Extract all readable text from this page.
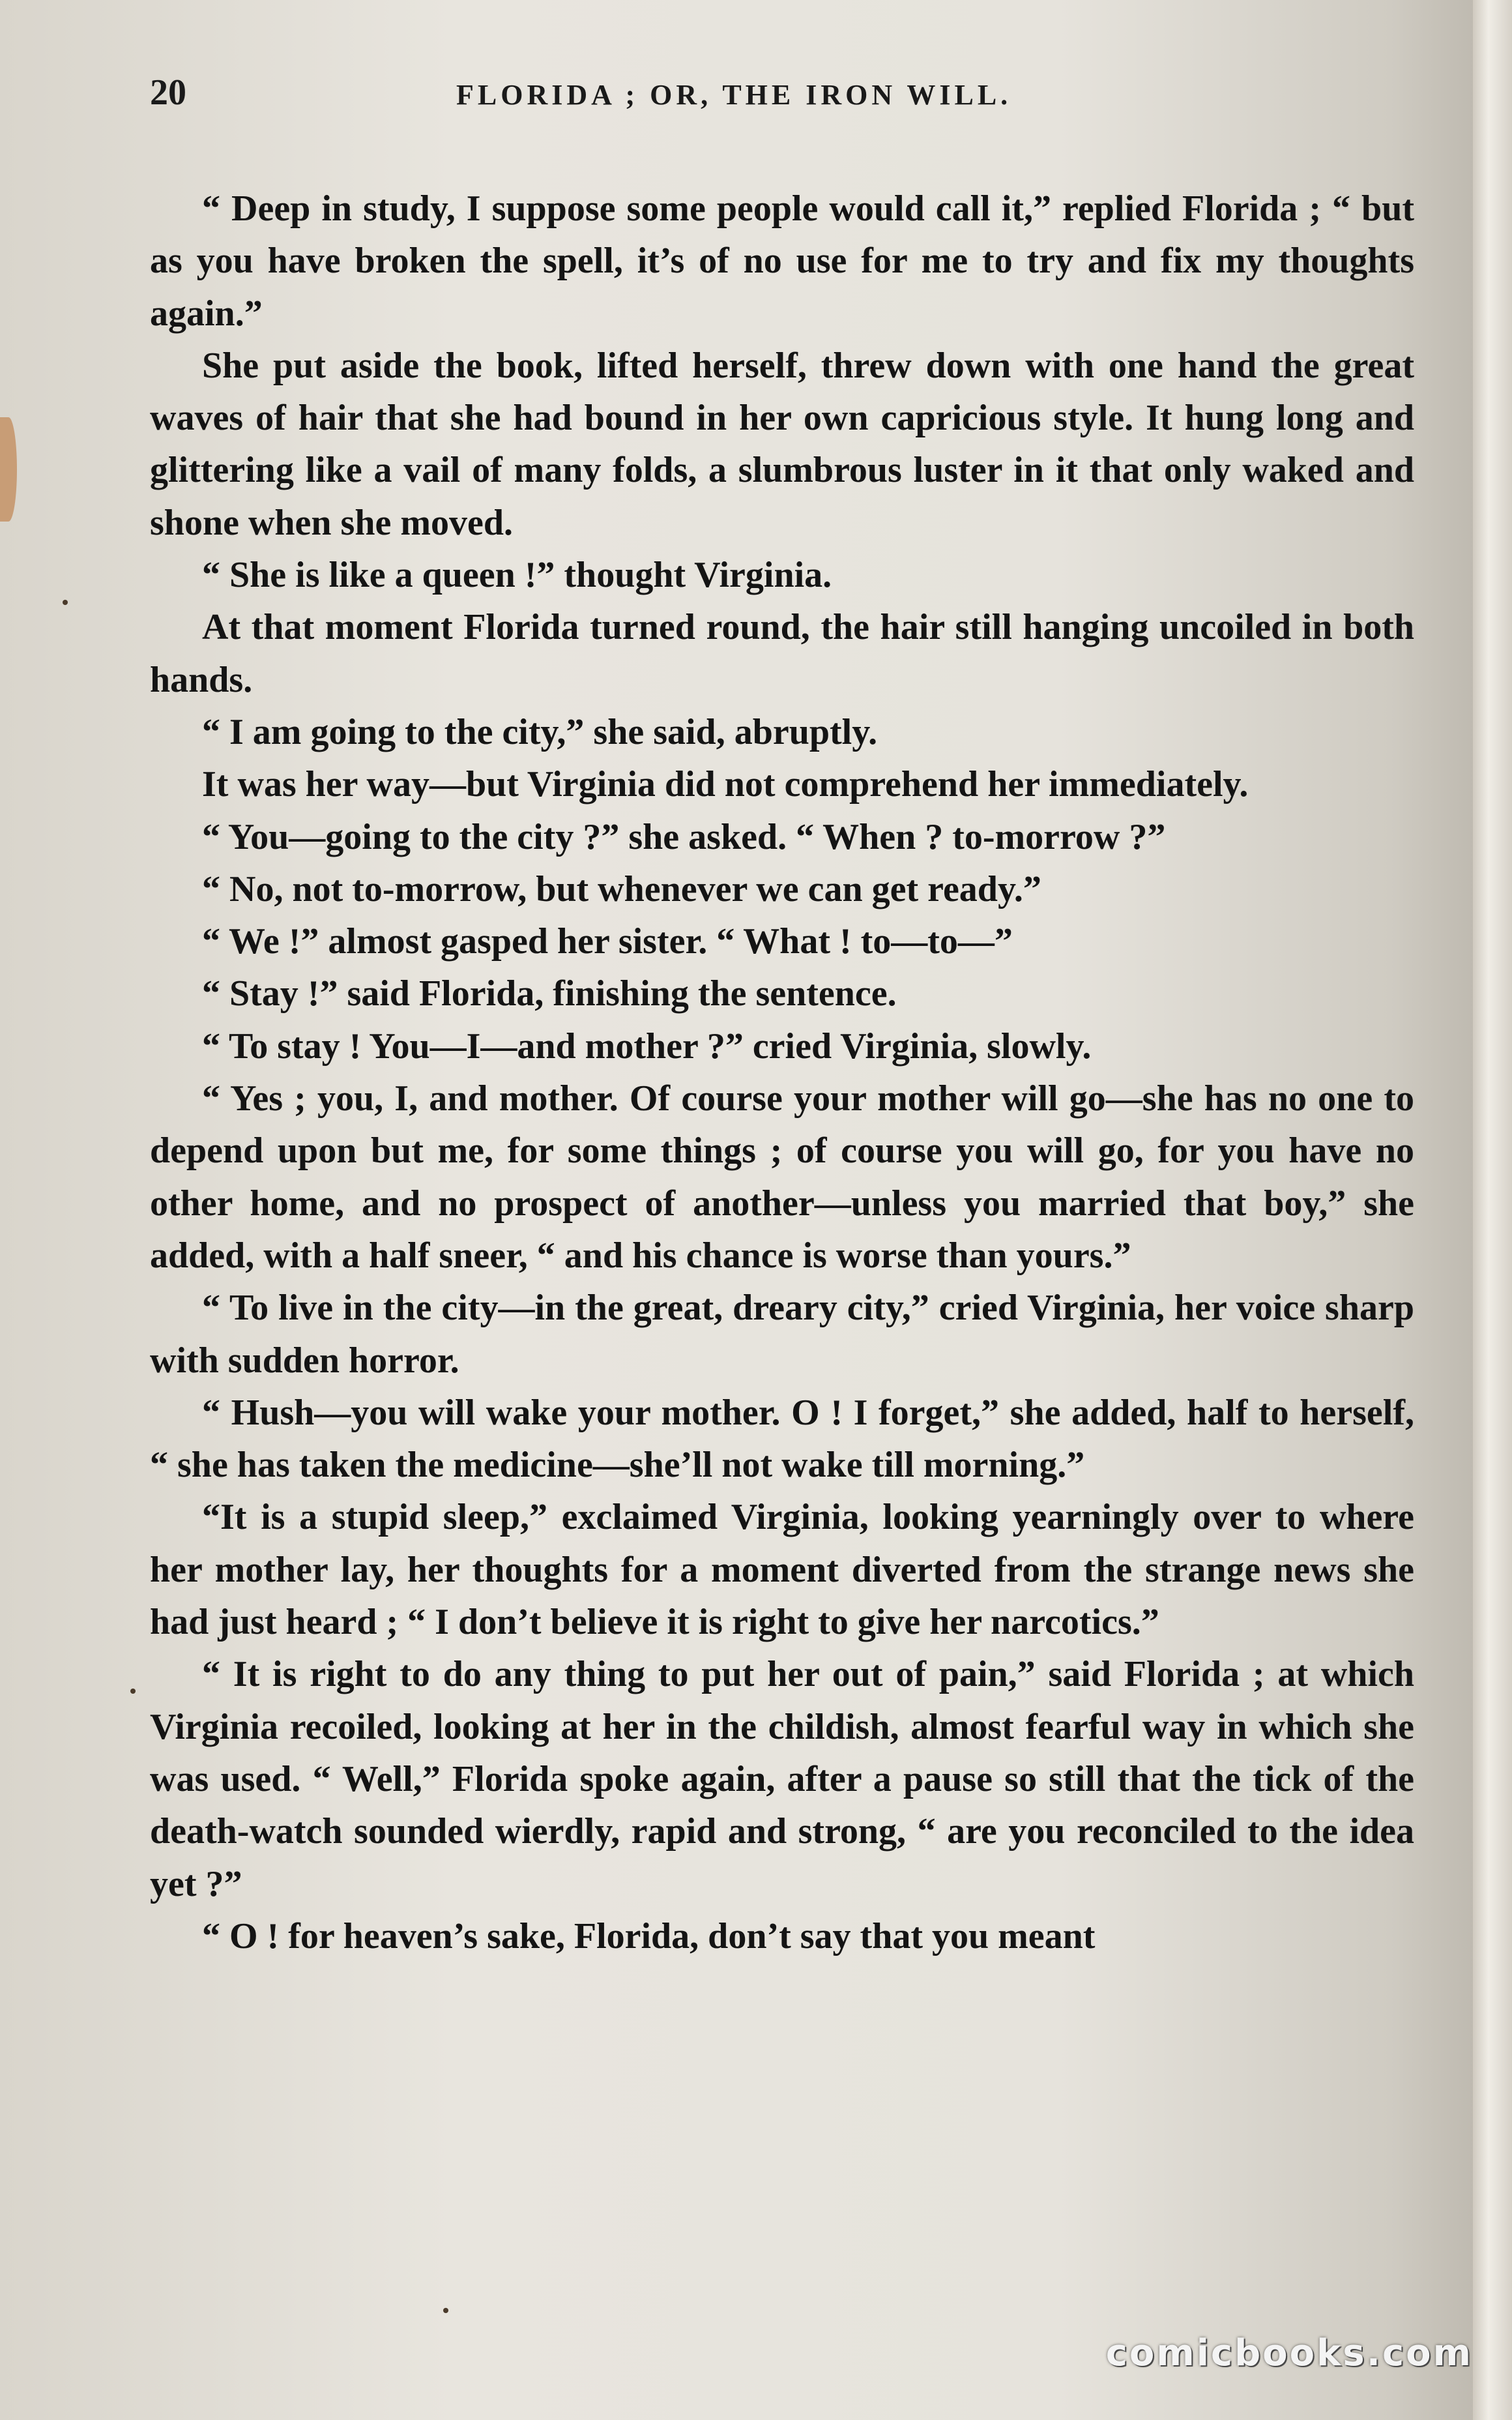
20	FLORIDA ; OR, THE IRON WILL.

“ Deep in study, I suppose some people would call it,” replied Florida ; “ but as you have broken the spell, it’s of no use for me to try and fix my thoughts again.”

She put aside the book, lifted herself, threw down with one hand the great waves of hair that she had bound in her own capricious style. It hung long and glittering like a vail of many folds, a slumbrous luster in it that only waked and shone when she moved.

“ She is like a queen !” thought Virginia.

At that moment Florida turned round, the hair still hanging uncoiled in both hands.

“ I am going to the city,” she said, abruptly.

It was her way—but Virginia did not comprehend her immediately.

“ You—going to the city ?” she asked. “ When ? to-morrow ?”

“ No, not to-morrow, but whenever we can get ready.”

“ We !” almost gasped her sister. “ What ! to—to—”

“ Stay !” said Florida, finishing the sentence.

“ To stay ! You—I—and mother ?” cried Virginia, slowly.

“ Yes ; you, I, and mother. Of course your mother will go—she has no one to depend upon but me, for some things ; of course you will go, for you have no other home, and no prospect of another—unless you married that boy,” she added, with a half sneer, “ and his chance is worse than yours.”

“ To live in the city—in the great, dreary city,” cried Virginia, her voice sharp with sudden horror.

“ Hush—you will wake your mother. O ! I forget,” she added, half to herself, “ she has taken the medicine—she’ll not wake till morning.”

“It is a stupid sleep,” exclaimed Virginia, looking yearningly over to where her mother lay, her thoughts for a moment diverted from the strange news she had just heard ; “ I don’t believe it is right to give her narcotics.”

“ It is right to do any thing to put her out of pain,” said Florida ; at which Virginia recoiled, looking at her in the childish, almost fearful way in which she was used. “ Well,” Florida spoke again, after a pause so still that the tick of the death-watch sounded wierdly, rapid and strong, “ are you reconciled to the idea yet ?”

“ O ! for heaven’s sake, Florida, don’t say that you meant

comicbooks.com
